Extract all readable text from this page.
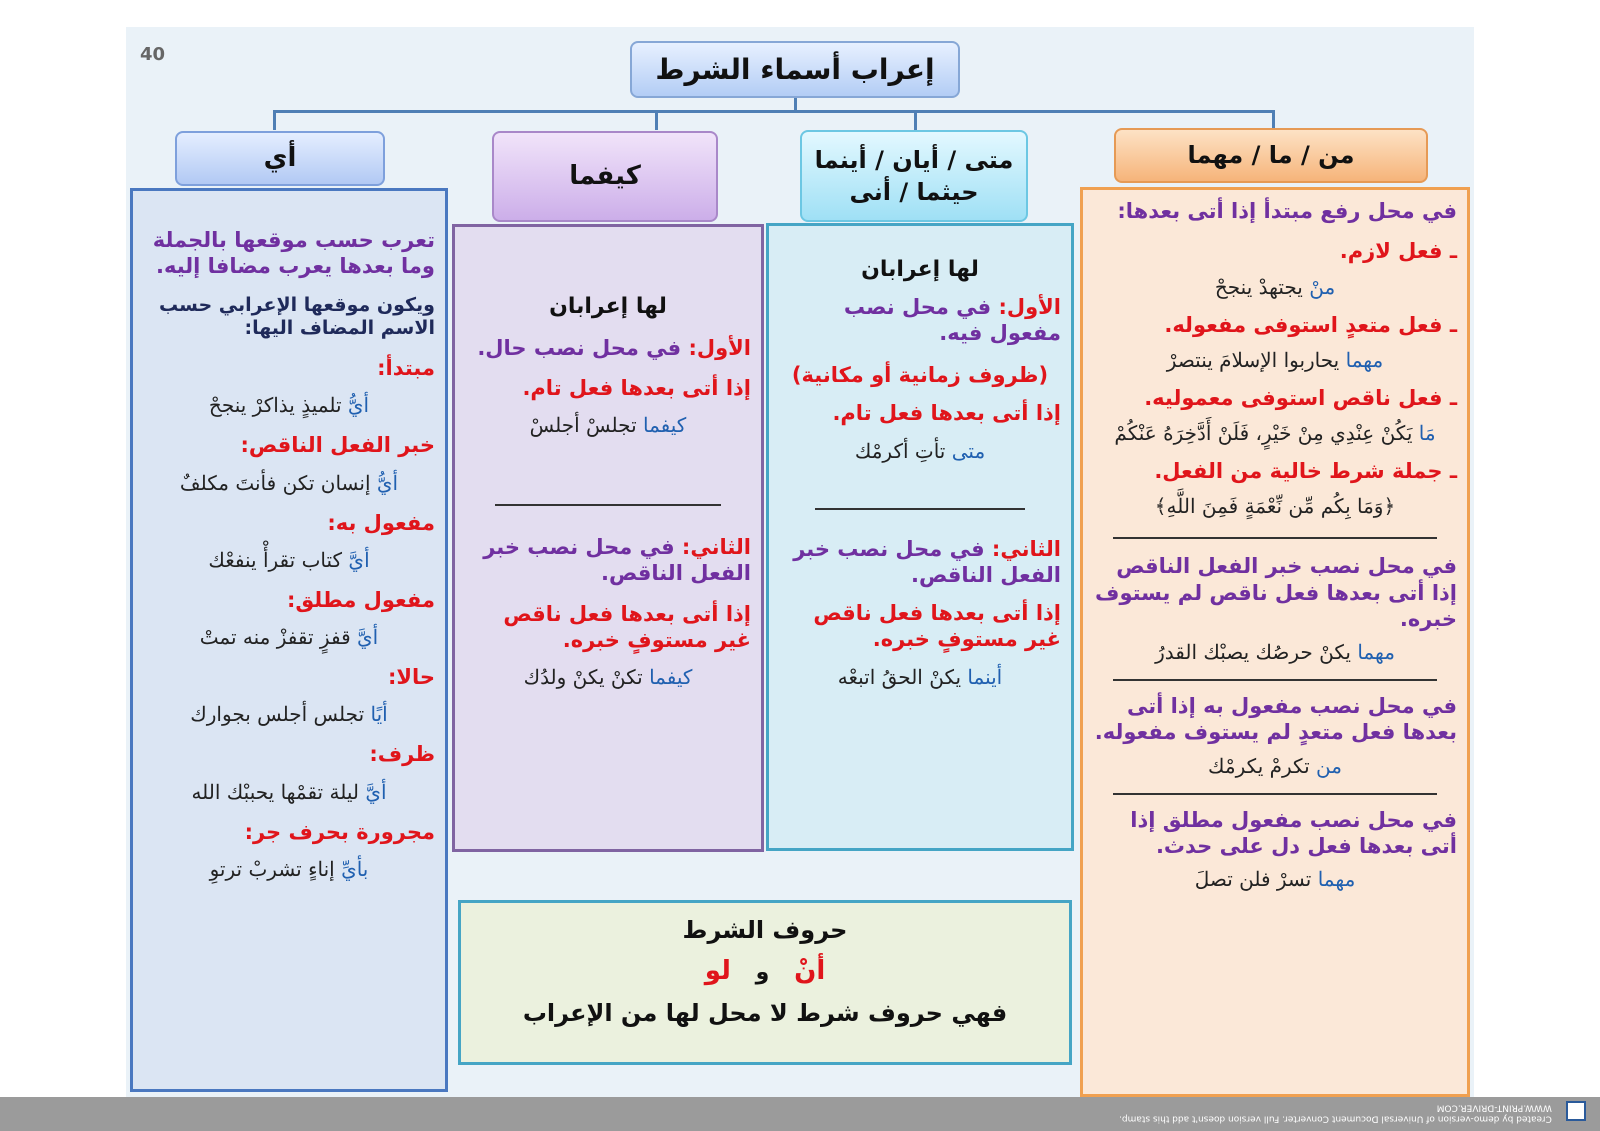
40	إعراب أسماء الشرط
من / ما / مهما
متى / أيان / أينما
حيثما / أنى
كيفما
أي

في محل رفع مبتدأ إذا أتى بعدها:

ـ فعل لازم.

منْ يجتهدْ ينجحْ

ـ فعل متعدٍ استوفى مفعوله.

مهما يحاربوا الإسلامَ ينتصرْ

ـ فعل ناقص استوفى معموليه.

مَا يَكُنْ عِنْدِي مِنْ خَيْرٍ، فَلَنْ أَدَّخِرَهُ عَنْكُمْ

ـ جملة شرط خالية من الفعل.

﴿وَمَا بِكُم مِّن نِّعْمَةٍ فَمِنَ اللَّهِ﴾

في محل نصب خبر الفعل الناقص إذا أتى بعدها فعل ناقص لم يستوف خبره.

مهما يكنْ حرصُك يصبْك القدرُ

في محل نصب مفعول به إذا أتى بعدها فعل متعدٍ لم يستوف مفعوله.

من تكرمْ يكرمْك

في محل نصب مفعول مطلق إذا أتى بعدها فعل دل على حدث.

مهما تسرْ فلن تصلَ

لها إعرابان

الأول: في محل نصب مفعول فيه.

(ظروف زمانية أو مكانية)

إذا أتى بعدها فعل تام.

متى تأتِ أكرمْك

الثاني: في محل نصب خبر الفعل الناقص.

إذا أتى بعدها فعل ناقص غير مستوفٍ خبره.

أينما يكنْ الحقُ اتبعْه

لها إعرابان

الأول: في محل نصب حال.

إذا أتى بعدها فعل تام.

كيفما تجلسْ أجلسْ

الثاني: في محل نصب خبر الفعل الناقص.

إذا أتى بعدها فعل ناقص غير مستوفٍ خبره.

كيفما تكنْ يكنْ ولدُك

تعرب حسب موقعها بالجملة وما بعدها يعرب مضافا إليه.

ويكون موقعها الإعرابي حسب الاسم المضاف اليها:

مبتدأ:

أيُّ تلميذٍ يذاكرْ ينجحْ

خبر الفعل الناقص:

أيُّ إنسان تكن فأنتَ مكلفٌ

مفعول به:

أيَّ كتاب تقرأْ ينفعْك

مفعول مطلق:

أيَّ قفزٍ تقفزْ منه تمتْ

حالا:

أيًا تجلس أجلس بجوارك

ظرف:

أيَّ ليلة تقمْها يحببْك الله

مجرورة بحرف جر:

بأيِّ إناءٍ تشربْ ترتوِ

حروف الشرط

أنْ   و   لو

فهي حروف شرط لا محل لها من الإعراب

Created by demo-version of Universal Document Converter. Full version doesn't add this stamp.
WWW.PRINT-DRIVER.COM
